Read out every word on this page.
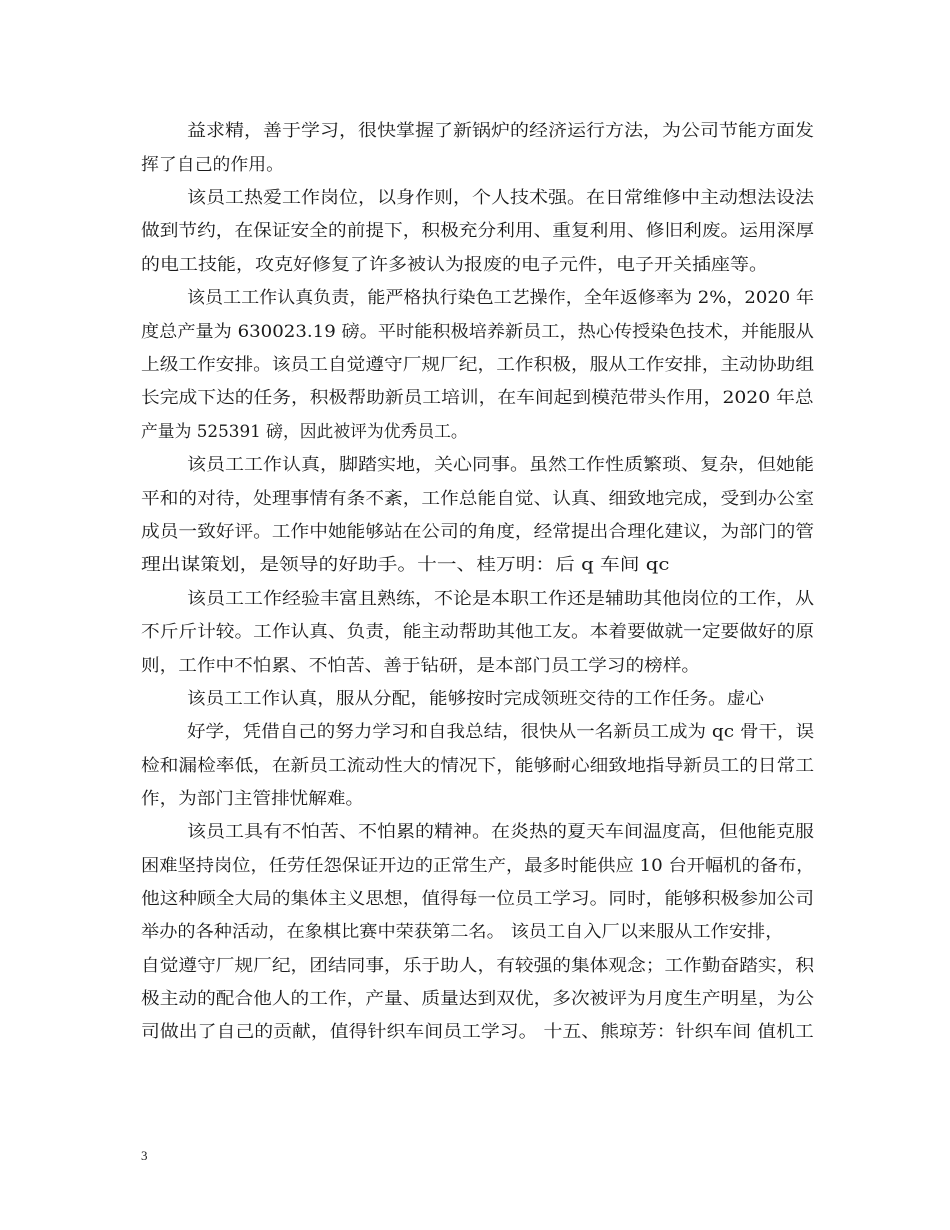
益求精，善于学习，很快掌握了新锅炉的经济运行方法，为公司节能方面发
挥了自己的作用。
该员工热爱工作岗位，以身作则，个人技术强。在日常维修中主动想法设法
做到节约，在保证安全的前提下，积极充分利用、重复利用、修旧利废。运用深厚
的电工技能，攻克好修复了许多被认为报废的电子元件，电子开关插座等。
该员工工作认真负责，能严格执行染色工艺操作，全年返修率为 2%，2020 年
度总产量为 630023.19 磅。平时能积极培养新员工，热心传授染色技术，并能服从
上级工作安排。该员工自觉遵守厂规厂纪，工作积极，服从工作安排，主动协助组
长完成下达的任务，积极帮助新员工培训，在车间起到模范带头作用，2020 年总
产量为 525391 磅，因此被评为优秀员工。
该员工工作认真，脚踏实地，关心同事。虽然工作性质繁琐、复杂，但她能
平和的对待，处理事情有条不紊，工作总能自觉、认真、细致地完成，受到办公室
成员一致好评。工作中她能够站在公司的角度，经常提出合理化建议，为部门的管
理出谋策划，是领导的好助手。十一、桂万明：后 q 车间 qc
该员工工作经验丰富且熟练，不论是本职工作还是辅助其他岗位的工作，从
不斤斤计较。工作认真、负责，能主动帮助其他工友。本着要做就一定要做好的原
则，工作中不怕累、不怕苦、善于钻研，是本部门员工学习的榜样。
该员工工作认真，服从分配，能够按时完成领班交待的工作任务。虚心
好学，凭借自己的努力学习和自我总结，很快从一名新员工成为 qc 骨干，误
检和漏检率低，在新员工流动性大的情况下，能够耐心细致地指导新员工的日常工
作，为部门主管排忧解难。
该员工具有不怕苦、不怕累的精神。在炎热的夏天车间温度高，但他能克服
困难坚持岗位，任劳任怨保证开边的正常生产，最多时能供应 10 台开幅机的备布，
他这种顾全大局的集体主义思想，值得每一位员工学习。同时，能够积极参加公司
举办的各种活动，在象棋比赛中荣获第二名。 该员工自入厂以来服从工作安排，
自觉遵守厂规厂纪，团结同事，乐于助人，有较强的集体观念；工作勤奋踏实，积
极主动的配合他人的工作，产量、质量达到双优，多次被评为月度生产明星，为公
司做出了自己的贡献，值得针织车间员工学习。 十五、熊琼芳：针织车间 值机工
3
